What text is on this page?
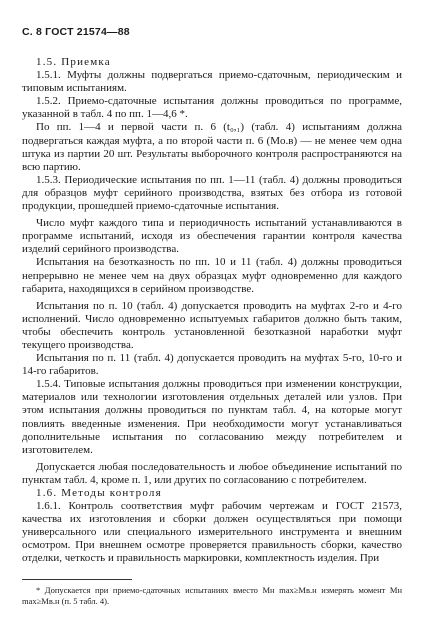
С. 8 ГОСТ 21574—88

1.5. Приемка

1.5.1. Муфты должны подвергаться приемо-сдаточным, периодическим и типовым испытаниям.

1.5.2. Приемо-сдаточные испытания должны проводиться по программе, указанной в табл. 4 по пп. 1—4,6 *.

По пп. 1—4 и первой части п. 6 (t₀,₁) (табл. 4) испытаниям должна подвергаться каждая муфта, а по второй части п. 6 (Mо.в) — не менее чем одна штука из партии 20 шт. Результаты выборочного контроля распространяются на всю партию.

1.5.3. Периодические испытания по пп. 1—11 (табл. 4) должны проводиться для образцов муфт серийного производства, взятых без отбора из готовой продукции, прошедшей приемо-сдаточные испытания.

Число муфт каждого типа и периодичность испытаний устанавливаются в программе испытаний, исходя из обеспечения гарантии контроля качества изделий серийного производства.

Испытания на безотказность по пп. 10 и 11 (табл. 4) должны проводиться непрерывно не менее чем на двух образцах муфт одновременно для каждого габарита, находящихся в серийном производстве.

Испытания по п. 10 (табл. 4) допускается проводить на муфтах 2-го и 4-го исполнений. Число одновременно испытуемых габаритов должно быть таким, чтобы обеспечить контроль установленной безотказной наработки муфт текущего производства.

Испытания по п. 11 (табл. 4) допускается проводить на муфтах 5-го, 10-го и 14-го габаритов.

1.5.4. Типовые испытания должны проводиться при изменении конструкции, материалов или технологии изготовления отдельных деталей или узлов. При этом испытания должны проводиться по пунктам табл. 4, на которые могут повлиять введенные изменения. При необходимости могут устанавливаться дополнительные испытания по согласованию между потребителем и изготовителем.

Допускается любая последовательность и любое объединение испытаний по пунктам табл. 4, кроме п. 1, или других по согласованию с потребителем.

1.6. Методы контроля

1.6.1. Контроль соответствия муфт рабочим чертежам и ГОСТ 21573, качества их изготовления и сборки должен осуществляться при помощи универсального или специального измерительного инструмента и внешним осмотром. При внешнем осмотре проверяется правильность сборки, качество отделки, четкость и правильность маркировки, комплектность изделия. При

* Допускается при приемо-сдаточных испытаниях вместо Mн max≥Mв.н измерять момент Mн max≥Mв.н (п. 5 табл. 4).
